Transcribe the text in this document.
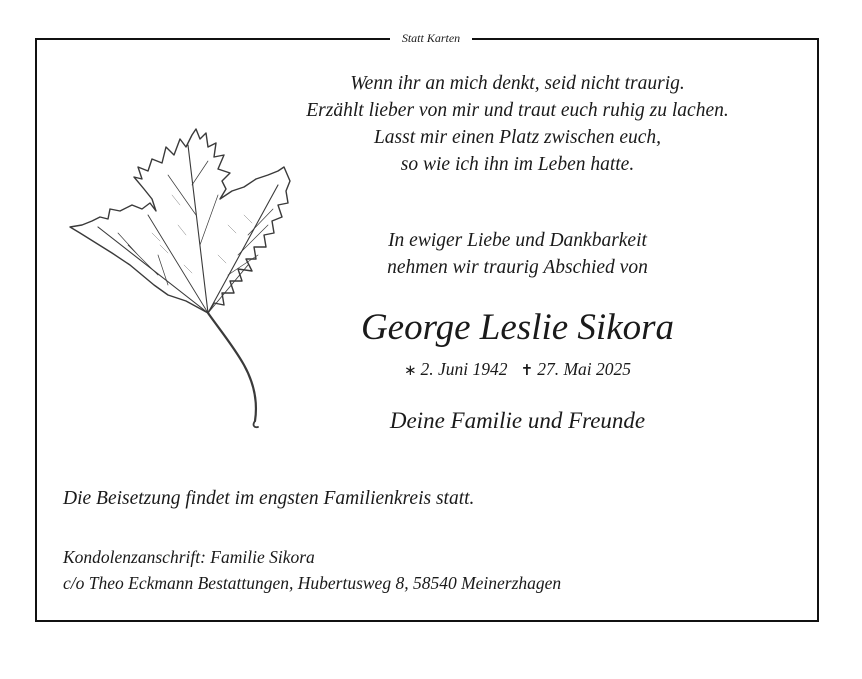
Statt Karten
Wenn ihr an mich denkt, seid nicht traurig.
Erzählt lieber von mir und traut euch ruhig zu lachen.
Lasst mir einen Platz zwischen euch,
so wie ich ihn im Leben hatte.
In ewiger Liebe und Dankbarkeit
nehmen wir traurig Abschied von
George Leslie Sikora
∗ 2. Juni 1942 ✝ 27. Mai 2025
Deine Familie und Freunde
Die Beisetzung findet im engsten Familienkreis statt.
Kondolenzanschrift: Familie Sikora
c/o Theo Eckmann Bestattungen, Hubertusweg 8, 58540 Meinerzhagen
